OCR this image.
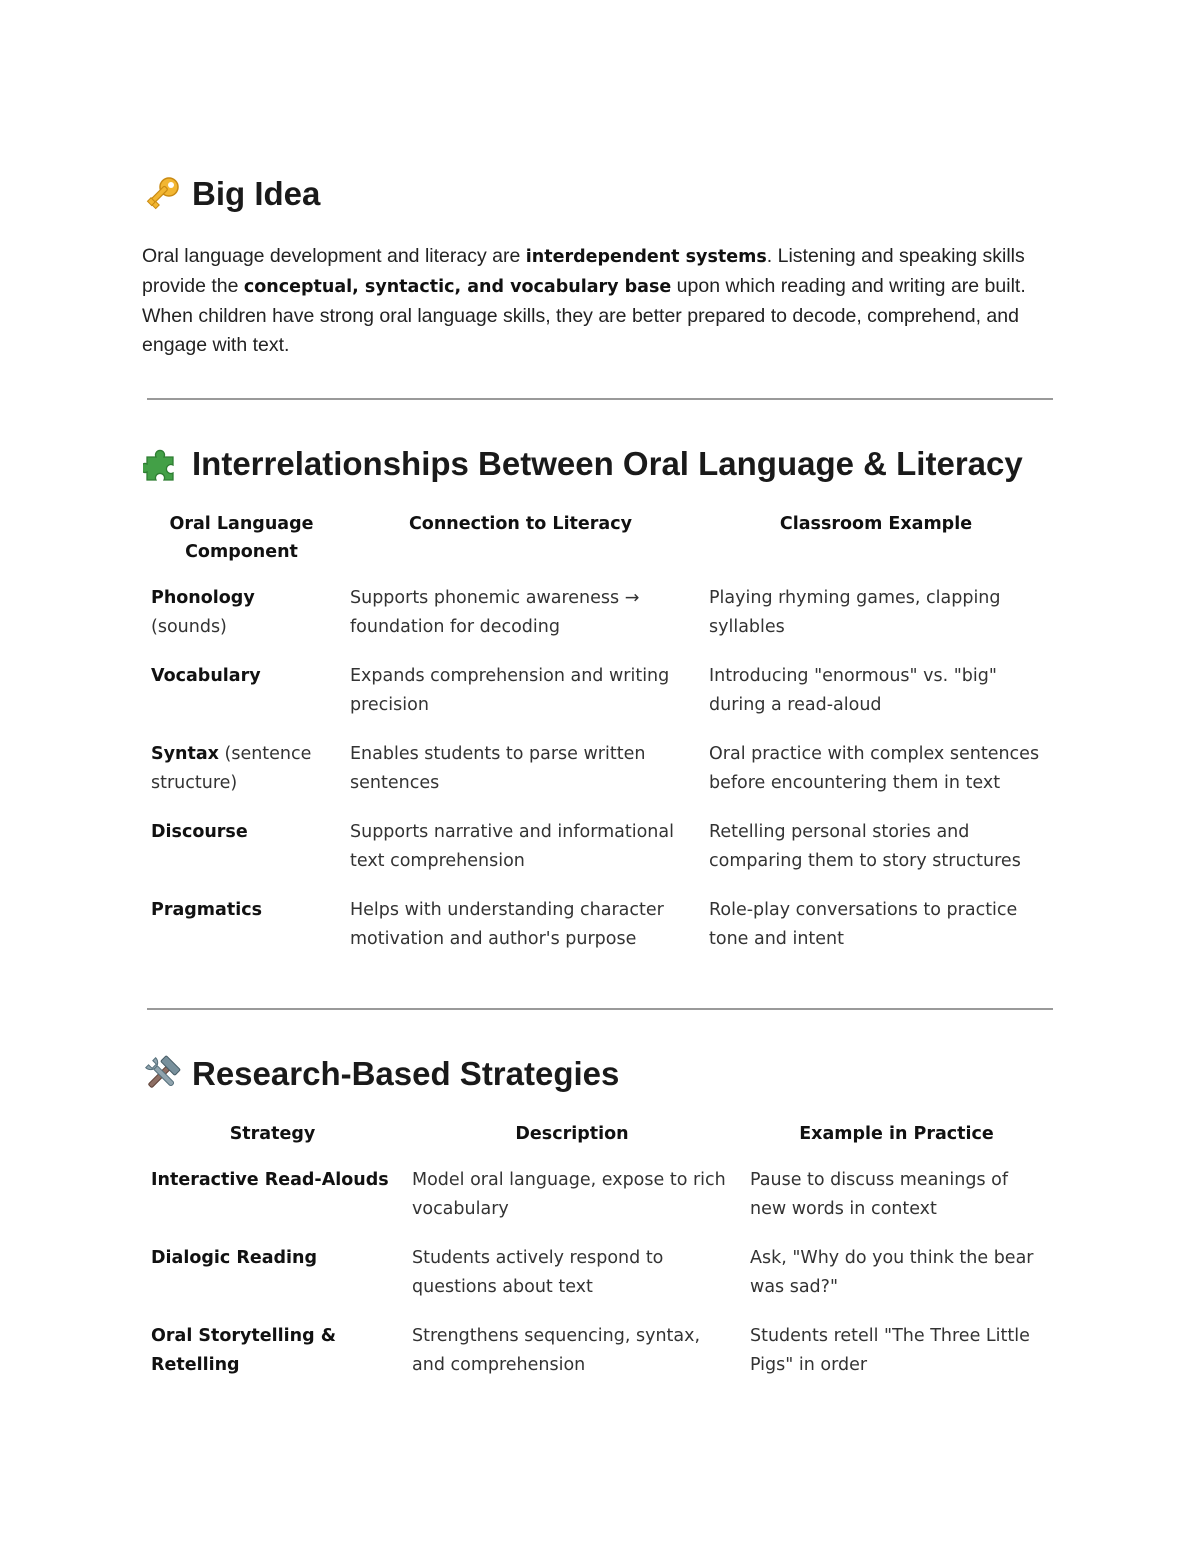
Big Idea

Oral language development and literacy are interdependent systems. Listening and speaking skills provide the conceptual, syntactic, and vocabulary base upon which reading and writing are built. When children have strong oral language skills, they are better prepared to decode, comprehend, and engage with text.

Interrelationships Between Oral Language & Literacy
Oral Language Component	Connection to Literacy	Classroom Example
Phonology (sounds)	Supports phonemic awareness → foundation for decoding	Playing rhyming games, clapping syllables
Vocabulary	Expands comprehension and writing precision	Introducing "enormous" vs. "big" during a read-aloud
Syntax (sentence structure)	Enables students to parse written sentences	Oral practice with complex sentences before encountering them in text
Discourse	Supports narrative and informational text comprehension	Retelling personal stories and comparing them to story structures
Pragmatics	Helps with understanding character motivation and author's purpose	Role-play conversations to practice tone and intent
Research-Based Strategies
Strategy	Description	Example in Practice
Interactive Read-Alouds	Model oral language, expose to rich vocabulary	Pause to discuss meanings of new words in context
Dialogic Reading	Students actively respond to questions about text	Ask, "Why do you think the bear was sad?"
Oral Storytelling & Retelling	Strengthens sequencing, syntax, and comprehension	Students retell "The Three Little Pigs" in order
